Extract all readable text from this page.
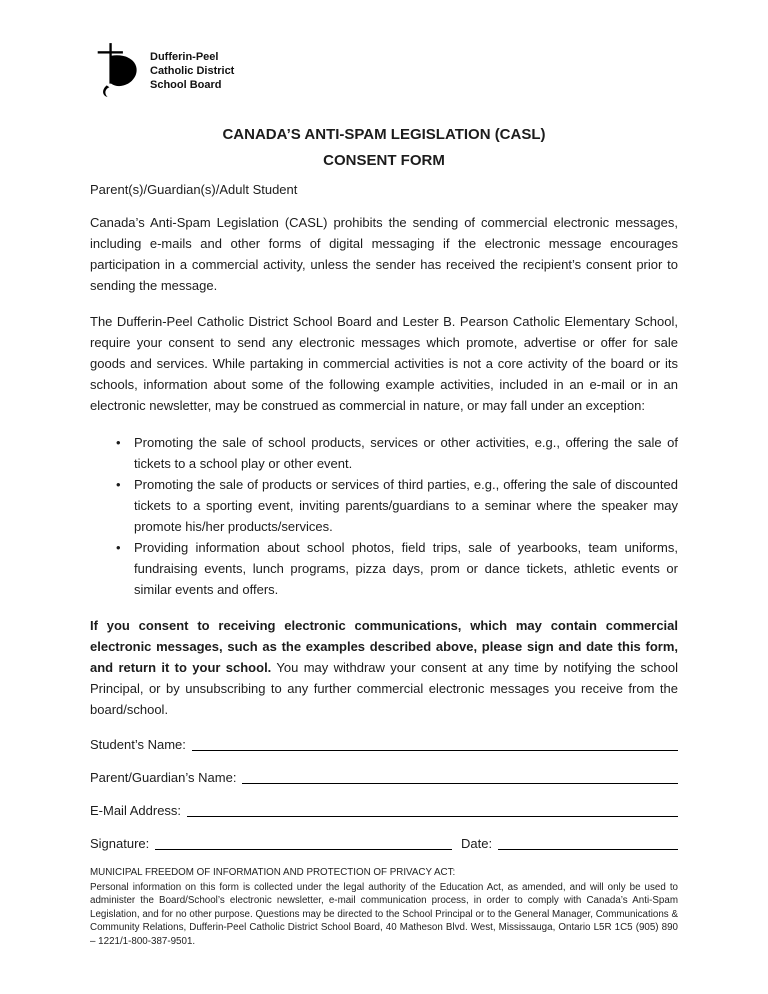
Dufferin-Peel
Catholic District
School Board
CANADA’S ANTI-SPAM LEGISLATION (CASL)
CONSENT FORM

Parent(s)/Guardian(s)/Adult Student

Canada’s Anti-Spam Legislation (CASL) prohibits the sending of commercial electronic messages, including e-mails and other forms of digital messaging if the electronic message encourages participation in a commercial activity, unless the sender has received the recipient’s consent prior to sending the message.

The Dufferin-Peel Catholic District School Board and Lester B. Pearson Catholic Elementary School, require your consent to send any electronic messages which promote, advertise or offer for sale goods and services. While partaking in commercial activities is not a core activity of the board or its schools, information about some of the following example activities, included in an e-mail or in an electronic newsletter, may be construed as commercial in nature, or may fall under an exception:

• Promoting the sale of school products, services or other activities, e.g., offering the sale of tickets to a school play or other event.
• Promoting the sale of products or services of third parties, e.g., offering the sale of discounted tickets to a sporting event, inviting parents/guardians to a seminar where the speaker may promote his/her products/services.
• Providing information about school photos, field trips, sale of yearbooks, team uniforms, fundraising events, lunch programs, pizza days, prom or dance tickets, athletic events or similar events and offers.

If you consent to receiving electronic communications, which may contain commercial electronic messages, such as the examples described above, please sign and date this form, and return it to your school. You may withdraw your consent at any time by notifying the school Principal, or by unsubscribing to any further commercial electronic messages you receive from the board/school.

Student’s Name:
Parent/Guardian’s Name:
E-Mail Address:
Signature:	Date:
MUNICIPAL FREEDOM OF INFORMATION AND PROTECTION OF PRIVACY ACT:
Personal information on this form is collected under the legal authority of the Education Act, as amended, and will only be used to administer the Board/School’s electronic newsletter, e-mail communication process, in order to comply with Canada’s Anti-Spam Legislation, and for no other purpose. Questions may be directed to the School Principal or to the General Manager, Communications & Community Relations, Dufferin-Peel Catholic District School Board, 40 Matheson Blvd. West, Mississauga, Ontario L5R 1C5 (905) 890 – 1221/1-800-387-9501.
